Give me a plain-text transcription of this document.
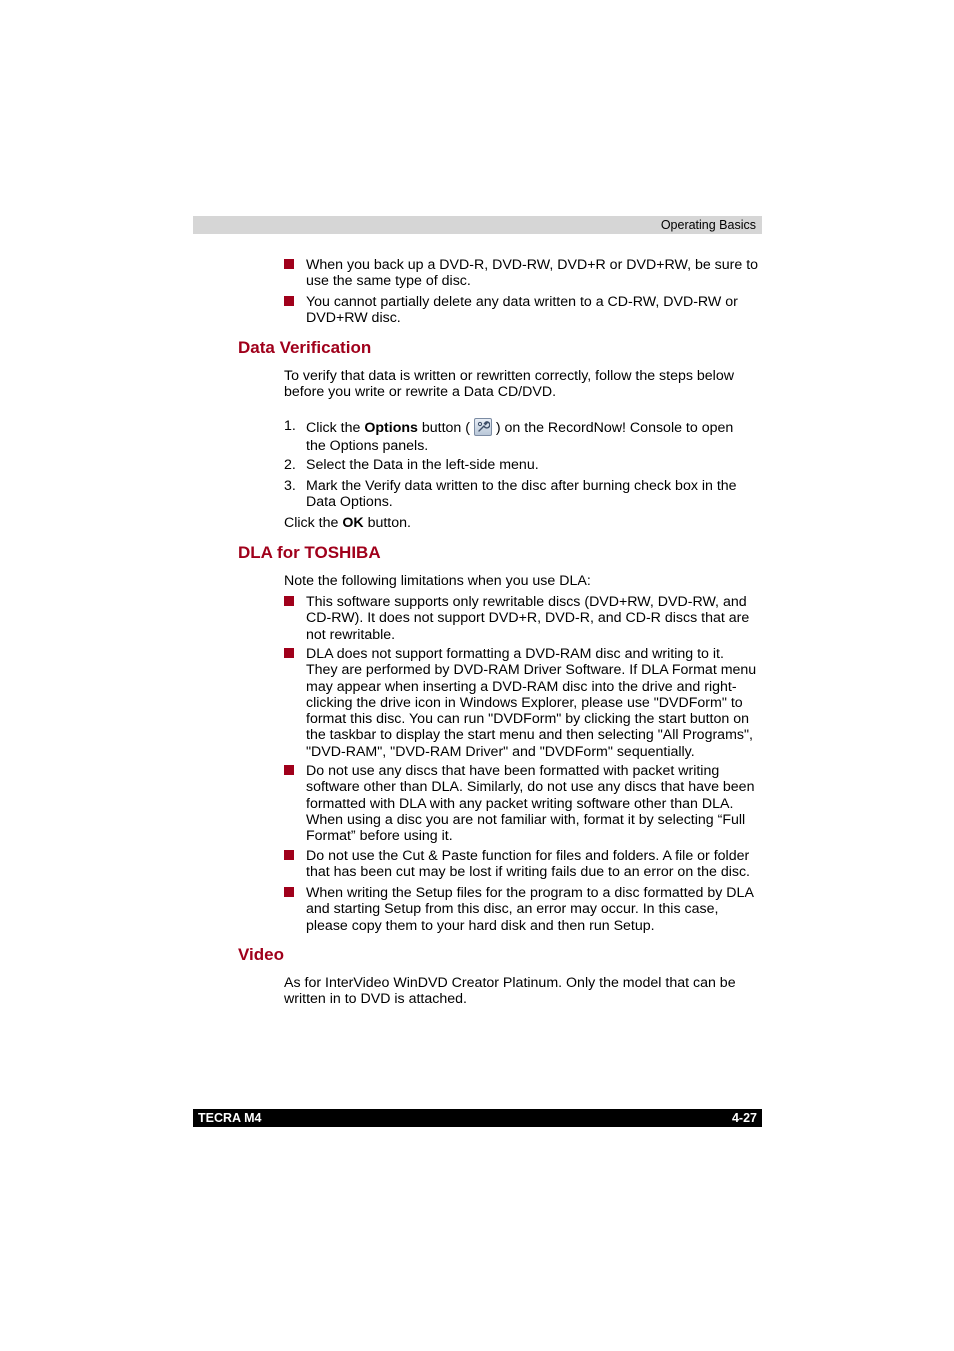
Operating Basics
When you back up a DVD-R, DVD-RW, DVD+R or DVD+RW, be sure to
use the same type of disc.
You cannot partially delete any data written to a CD-RW, DVD-RW or
DVD+RW disc.
Data Verification
To verify that data is written or rewritten correctly, follow the steps below
before you write or rewrite a Data CD/DVD.
1. Click the Options button (
) on the RecordNow! Console to open
the Options panels.
2. Select the Data in the left-side menu.
3. Mark the Verify data written to the disc after burning check box in the
Data Options.
Click the OK button.
DLA for TOSHIBA
Note the following limitations when you use DLA:
This software supports only rewritable discs (DVD+RW, DVD-RW, and
CD-RW). It does not support DVD+R, DVD-R, and CD-R discs that are
not rewritable.
DLA does not support formatting a DVD-RAM disc and writing to it.
They are performed by DVD-RAM Driver Software. If DLA Format menu
may appear when inserting a DVD-RAM disc into the drive and right-
clicking the drive icon in Windows Explorer, please use "DVDForm" to
format this disc. You can run "DVDForm" by clicking the start button on
the taskbar to display the start menu and then selecting "All Programs",
"DVD-RAM", "DVD-RAM Driver" and "DVDForm" sequentially.
Do not use any discs that have been formatted with packet writing
software other than DLA. Similarly, do not use any discs that have been
formatted with DLA with any packet writing software other than DLA.
When using a disc you are not familiar with, format it by selecting “Full
Format” before using it.
Do not use the Cut & Paste function for files and folders. A file or folder
that has been cut may be lost if writing fails due to an error on the disc.
When writing the Setup files for the program to a disc formatted by DLA
and starting Setup from this disc, an error may occur. In this case,
please copy them to your hard disk and then run Setup.
Video
As for InterVideo WinDVD Creator Platinum. Only the model that can be
written in to DVD is attached.
TECRA M4	4-27
